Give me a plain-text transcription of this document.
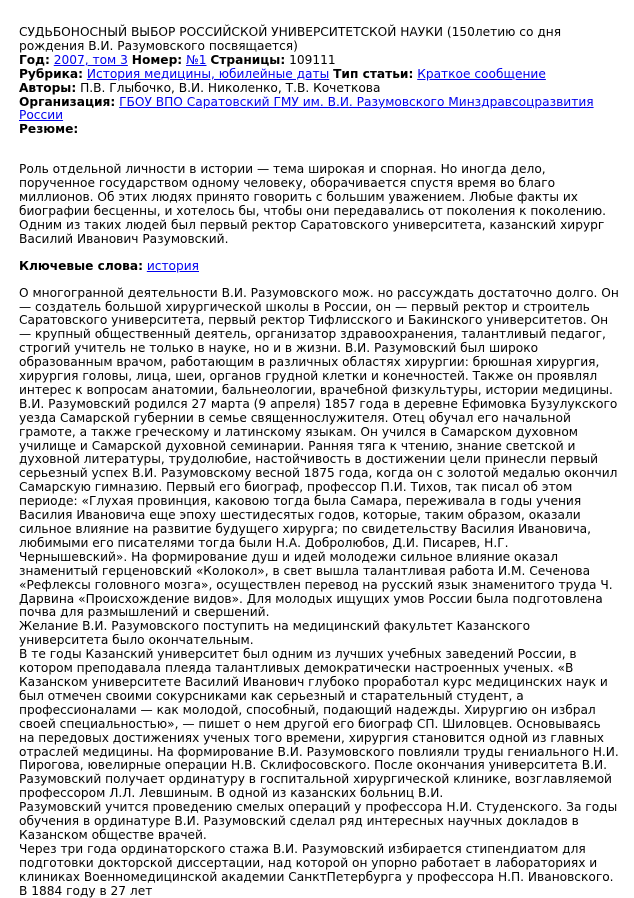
СУДЬБОНОСНЫЙ ВЫБОР РОССИЙСКОЙ УНИВЕРСИТЕТСКОЙ НАУКИ (150летию со дня рождения В.И. Разумовского посвящается)

Год: 2007, том 3 Номер: №1 Страницы: 109111

Рубрика: История медицины, юбилейные даты Тип статьи: Краткое сообщение

Авторы: П.В. Глыбочко, В.И. Николенко, Т.В. Кочеткова

Организация: ГБОУ ВПО Саратовский ГМУ им. В.И. Разумовского Минздравсоцразвития России

Резюме:

Роль отдельной личности в истории — тема широкая и спорная. Но иногда дело, порученное государством одному человеку, оборачивается спустя время во благо миллионов. Об этих людях принято говорить с большим уважением. Любые факты их биографии бесценны, и хотелось бы, чтобы они передавались от поколения к поколению. Одним из таких людей был первый ректор Саратовского университета, казанский хирург Василий Иванович Разумовский.

Ключевые слова: история

О многогранной деятельности В.И. Разумовского мож. но рассуждать достаточно долго. Он — создатель большой хирургической школы в России, он — первый ректор и строитель Саратовского университета, первый ректор Тифлисского и Бакинского университетов. Он — крупный общественный деятель, организатор здравоохранения, талантливый педагог, строгий учитель не только в науке, но и в жизни. В.И. Разумовский был широко образованным врачом, работающим в различных областях хирургии: брюшная хирургия, хирургия головы, лица, шеи, органов грудной клетки и конечностей. Также он проявлял интерес к вопросам анатомии, бальнеологии, врачебной физкультуры, истории медицины.

В.И. Разумовский родился 27 марта (9 апреля) 1857 года в деревне Ефимовка Бузулукского уезда Самарской губернии в семье священнослужителя. Отец обучал его начальной грамоте, а также греческому и латинскому языкам. Он учился в Самарском духовном училище и Самарской духовной семинарии. Ранняя тяга к чтению, знание светской и духовной литературы, трудолюбие, настойчивость в достижении цели принесли первый серьезный успех В.И. Разумовскому весной 1875 года, когда он с золотой медалью окончил Самарскую гимназию. Первый его биограф, профессор П.И. Тихов, так писал об этом периоде: «Глухая провинция, каковою тогда была Самара, переживала в годы учения Василия Ивановича еще эпоху шестидесятых годов, которые, таким образом, оказали сильное влияние на развитие будущего хирурга; по свидетельству Василия Ивановича, любимыми его писателями тогда были Н.А. Добролюбов, Д.И. Писарев, Н.Г. Чернышевский». На формирование душ и идей молодежи сильное влияние оказал знаменитый герценовский «Колокол», в свет вышла талантливая работа И.М. Сеченова «Рефлексы головного мозга», осуществлен перевод на русский язык знаменитого труда Ч. Дарвина «Происхождение видов». Для молодых ищущих умов России была подготовлена почва для размышлений и свершений.

Желание В.И. Разумовского поступить на медицинский факультет Казанского университета было окончательным.

В те годы Казанский университет был одним из лучших учебных заведений России, в котором преподавала плеяда талантливых демократически настроенных ученых. «В Казанском университете Василий Иванович глубоко проработал курс медицинских наук и был отмечен своими сокурсниками как серьезный и старательный студент, а профессионалами — как молодой, способный, подающий надежды. Хирургию он избрал своей специальностью», — пишет о нем другой его биограф СП. Шиловцев. Основываясь на передовых достижениях ученых того времени, хирургия становится одной из главных отраслей медицины. На формирование В.И. Разумовского повлияли труды гениального Н.И. Пирогова, ювелирные операции Н.В. Склифосовского. После окончания университета В.И. Разумовский получает ординатуру в госпитальной хирургической клинике, возглавляемой профессором Л.Л. Левшиным. В одной из казанских больниц В.И.

Разумовский учится проведению смелых операций у профессора Н.И. Студенского. За годы обучения в ординатуре В.И. Разумовский сделал ряд интересных научных докладов в Казанском обществе врачей.

Через три года ординаторского стажа В.И. Разумовский избирается стипендиатом для подготовки докторской диссертации, над которой он упорно работает в лабораториях и клиниках Военномедицинской академии СанктПетербурга у профессора Н.П. Ивановского. В 1884 году в 27 лет
